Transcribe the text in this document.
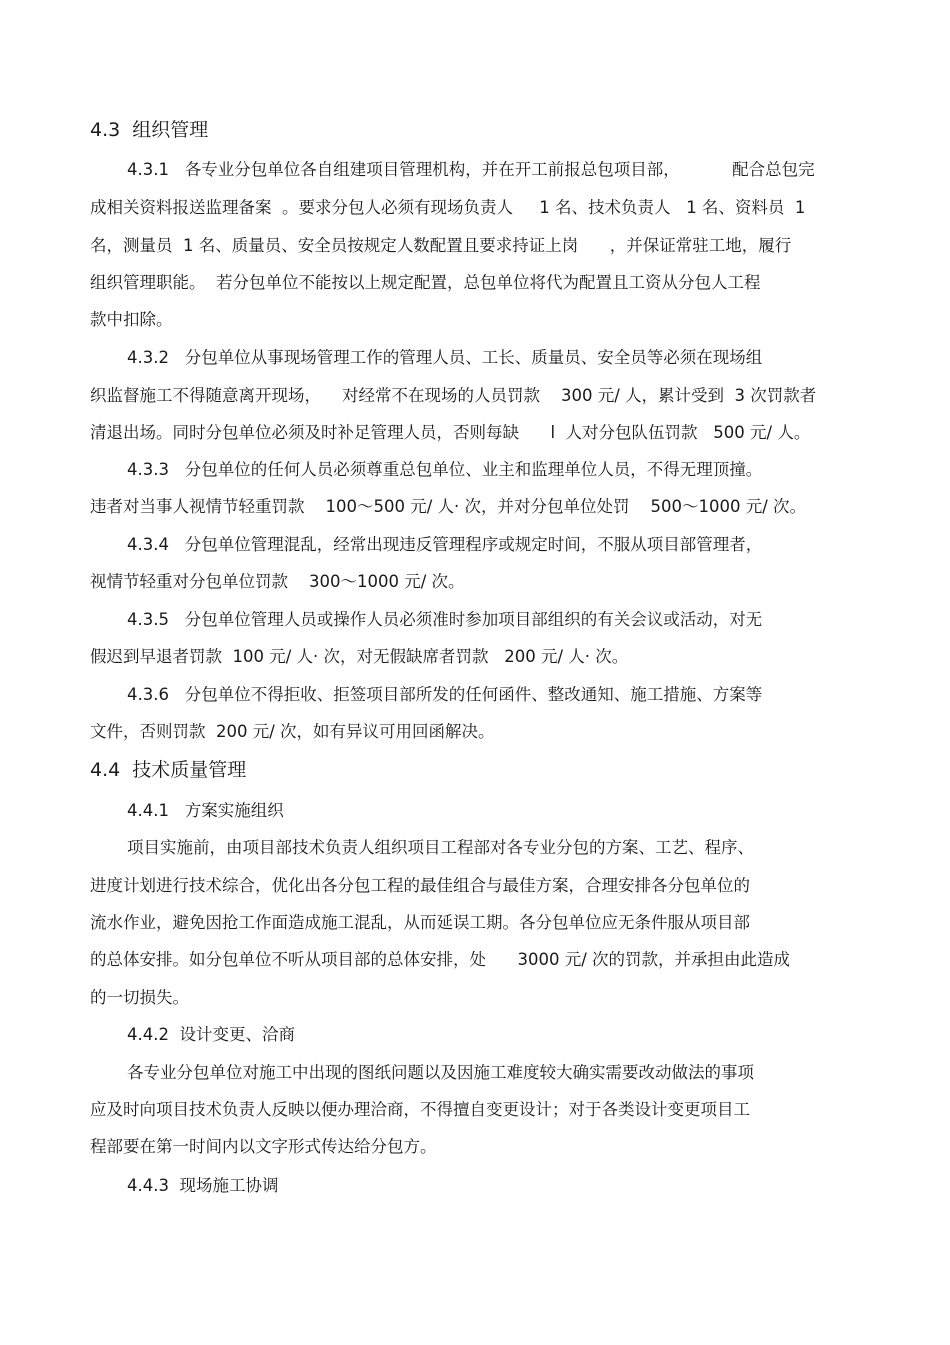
4.3  组织管理
4.3.1   各专业分包单位各自组建项目管理机构，并在开工前报总包项目部，          配合总包完
成相关资料报送监理备案  。要求分包人必须有现场负责人     1 名、技术负责人   1 名、资料员  1
名，测量员  1 名、质量员、安全员按规定人数配置且要求持证上岗      ，并保证常驻工地，履行
组织管理职能。  若分包单位不能按以上规定配置，总包单位将代为配置且工资从分包人工程
款中扣除。
4.3.2   分包单位从事现场管理工作的管理人员、工长、质量员、安全员等必须在现场组
织监督施工不得随意离开现场，    对经常不在现场的人员罚款    300 元/ 人，累计受到  3 次罚款者
清退出场。同时分包单位必须及时补足管理人员，否则每缺      l  人对分包队伍罚款   500 元/ 人。
4.3.3   分包单位的任何人员必须尊重总包单位、业主和监理单位人员，不得无理顶撞。
违者对当事人视情节轻重罚款    100～500 元/ 人· 次，并对分包单位处罚    500～1000 元/ 次。
4.3.4   分包单位管理混乱，经常出现违反管理程序或规定时间，不服从项目部管理者，
视情节轻重对分包单位罚款    300～1000 元/ 次。
4.3.5   分包单位管理人员或操作人员必须准时参加项目部组织的有关会议或活动，对无
假迟到早退者罚款  100 元/ 人· 次，对无假缺席者罚款   200 元/ 人· 次。
4.3.6   分包单位不得拒收、拒签项目部所发的任何函件、整改通知、施工措施、方案等
文件，否则罚款  200 元/ 次，如有异议可用回函解决。
4.4  技术质量管理
4.4.1   方案实施组织
项目实施前，由项目部技术负责人组织项目工程部对各专业分包的方案、工艺、程序、
进度计划进行技术综合，优化出各分包工程的最佳组合与最佳方案，合理安排各分包单位的
流水作业，避免因抢工作面造成施工混乱，从而延误工期。各分包单位应无条件服从项目部
的总体安排。如分包单位不听从项目部的总体安排，处      3000 元/ 次的罚款，并承担由此造成
的一切损失。
4.4.2  设计变更、洽商
各专业分包单位对施工中出现的图纸问题以及因施工难度较大确实需要改动做法的事项
应及时向项目技术负责人反映以便办理洽商，不得擅自变更设计；对于各类设计变更项目工
程部要在第一时间内以文字形式传达给分包方。
4.4.3  现场施工协调
